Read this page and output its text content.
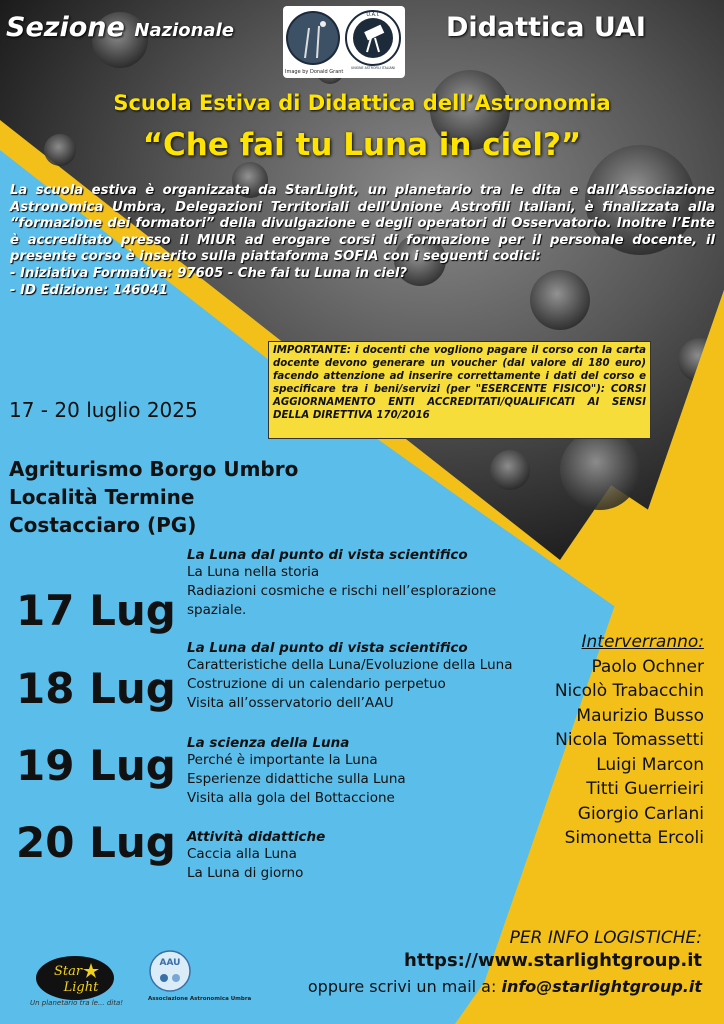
Sezione Nazionale	Didattica UAI
U.A.I.
UNIONE ASTROFILI ITALIANI
Image by Donald Grant
Scuola Estiva di Didattica dell’Astronomia
“Che fai tu Luna in ciel?”

La scuola estiva è organizzata da StarLight, un planetario tra le dita e dall’Associazione Astronomica Umbra, Delegazioni Territoriali dell’Unione Astrofili Italiani, è finalizzata alla “formazione dei formatori” della divulgazione e degli operatori di Osservatorio. Inoltre l’Ente è accreditato presso il MIUR ad erogare corsi di formazione per il personale docente, il presente corso è inserito sulla piattaforma SOFIA con i seguenti codici:

- Iniziativa Formativa: 97605 - Che fai tu Luna in ciel?

- ID Edizione: 146041

IMPORTANTE: i docenti che vogliono pagare il corso con la carta docente devono generare un voucher (dal valore di 180 euro) facendo attenzione ad inserire correttamente i dati del corso e specificare tra i beni/servizi (per "ESERCENTE FISICO"): CORSI AGGIORNAMENTO ENTI ACCREDITATI/QUALIFICATI AI SENSI DELLA DIRETTIVA 170/2016
17 - 20 luglio 2025
Agriturismo Borgo Umbro
Località Termine
Costacciaro (PG)
17 Lug
La Luna dal punto di vista scientifico
La Luna nella storia
Radiazioni cosmiche e rischi nell’esplorazione
spaziale.
18 Lug
La Luna dal punto di vista scientifico
Caratteristiche della Luna/Evoluzione della Luna
Costruzione di un calendario perpetuo
Visita all’osservatorio dell’AAU
19 Lug La scienza della Luna
Perché è importante la Luna
Esperienze didattiche sulla Luna
Visita alla gola del Bottaccione
20 Lug Attività didattiche
Caccia alla Luna
La Luna di giorno
Interverranno:
Paolo Ochner
Nicolò Trabacchin
Maurizio Busso
Nicola Tomassetti
Luigi Marcon
Titti Guerrieiri
Giorgio Carlani
Simonetta Ercoli
PER INFO LOGISTICHE:
https://www.starlightgroup.it
oppure scrivi un mail a: info@starlightgroup.it
Star
Light
Un planetario tra le... dita!
AAU
Associazione Astronomica Umbra
